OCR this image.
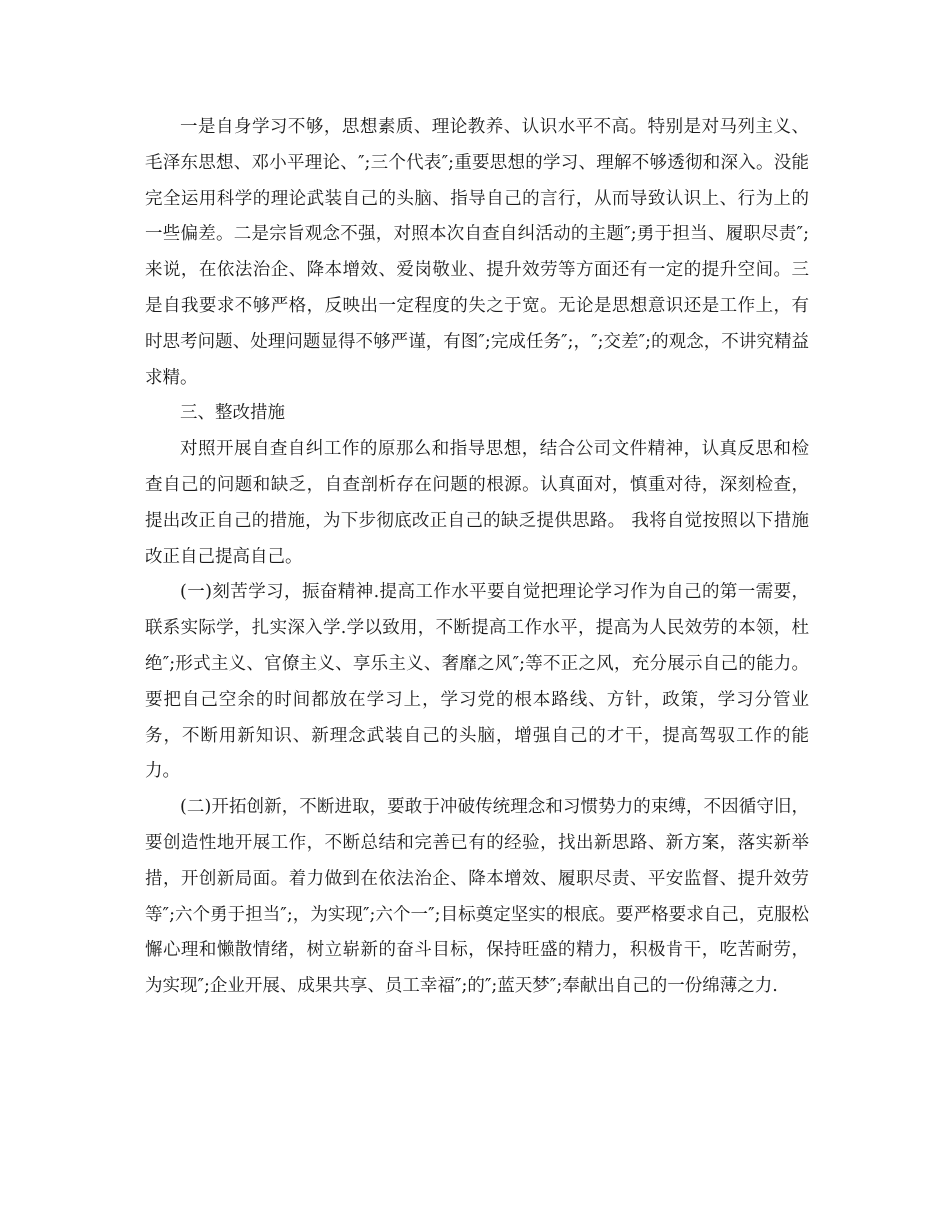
一是自身学习不够，思想素质、理论教养、认识水平不高。特别是对马列主义、毛泽东思想、邓小平理论、″;三个代表″;重要思想的学习、理解不够透彻和深入。没能完全运用科学的理论武装自己的头脑、指导自己的言行，从而导致认识上、行为上的一些偏差。二是宗旨观念不强，对照本次自查自纠活动的主题″;勇于担当、履职尽责″;来说，在依法治企、降本增效、爱岗敬业、提升效劳等方面还有一定的提升空间。三是自我要求不够严格，反映出一定程度的失之于宽。无论是思想意识还是工作上，有时思考问题、处理问题显得不够严谨，有图″;完成任务″;，″;交差″;的观念，不讲究精益求精。

三、整改措施

对照开展自查自纠工作的原那么和指导思想，结合公司文件精神，认真反思和检查自己的问题和缺乏，自查剖析存在问题的根源。认真面对，慎重对待，深刻检查，提出改正自己的措施，为下步彻底改正自己的缺乏提供思路。 我将自觉按照以下措施改正自己提高自己。

(一)刻苦学习，振奋精神.提高工作水平要自觉把理论学习作为自己的第一需要，联系实际学，扎实深入学.学以致用，不断提高工作水平，提高为人民效劳的本领，杜绝″;形式主义、官僚主义、享乐主义、奢靡之风″;等不正之风，充分展示自己的能力。要把自己空余的时间都放在学习上，学习党的根本路线、方针，政策，学习分管业务，不断用新知识、新理念武装自己的头脑，增强自己的才干，提高驾驭工作的能力。

(二)开拓创新，不断进取，要敢于冲破传统理念和习惯势力的束缚，不因循守旧，要创造性地开展工作，不断总结和完善已有的经验，找出新思路、新方案，落实新举措，开创新局面。着力做到在依法治企、降本增效、履职尽责、平安监督、提升效劳等″;六个勇于担当″;，为实现″;六个一″;目标奠定坚实的根底。要严格要求自己，克服松懈心理和懒散情绪，树立崭新的奋斗目标，保持旺盛的精力，积极肯干，吃苦耐劳，为实现″;企业开展、成果共享、员工幸福″;的″;蓝天梦″;奉献出自己的一份绵薄之力.
